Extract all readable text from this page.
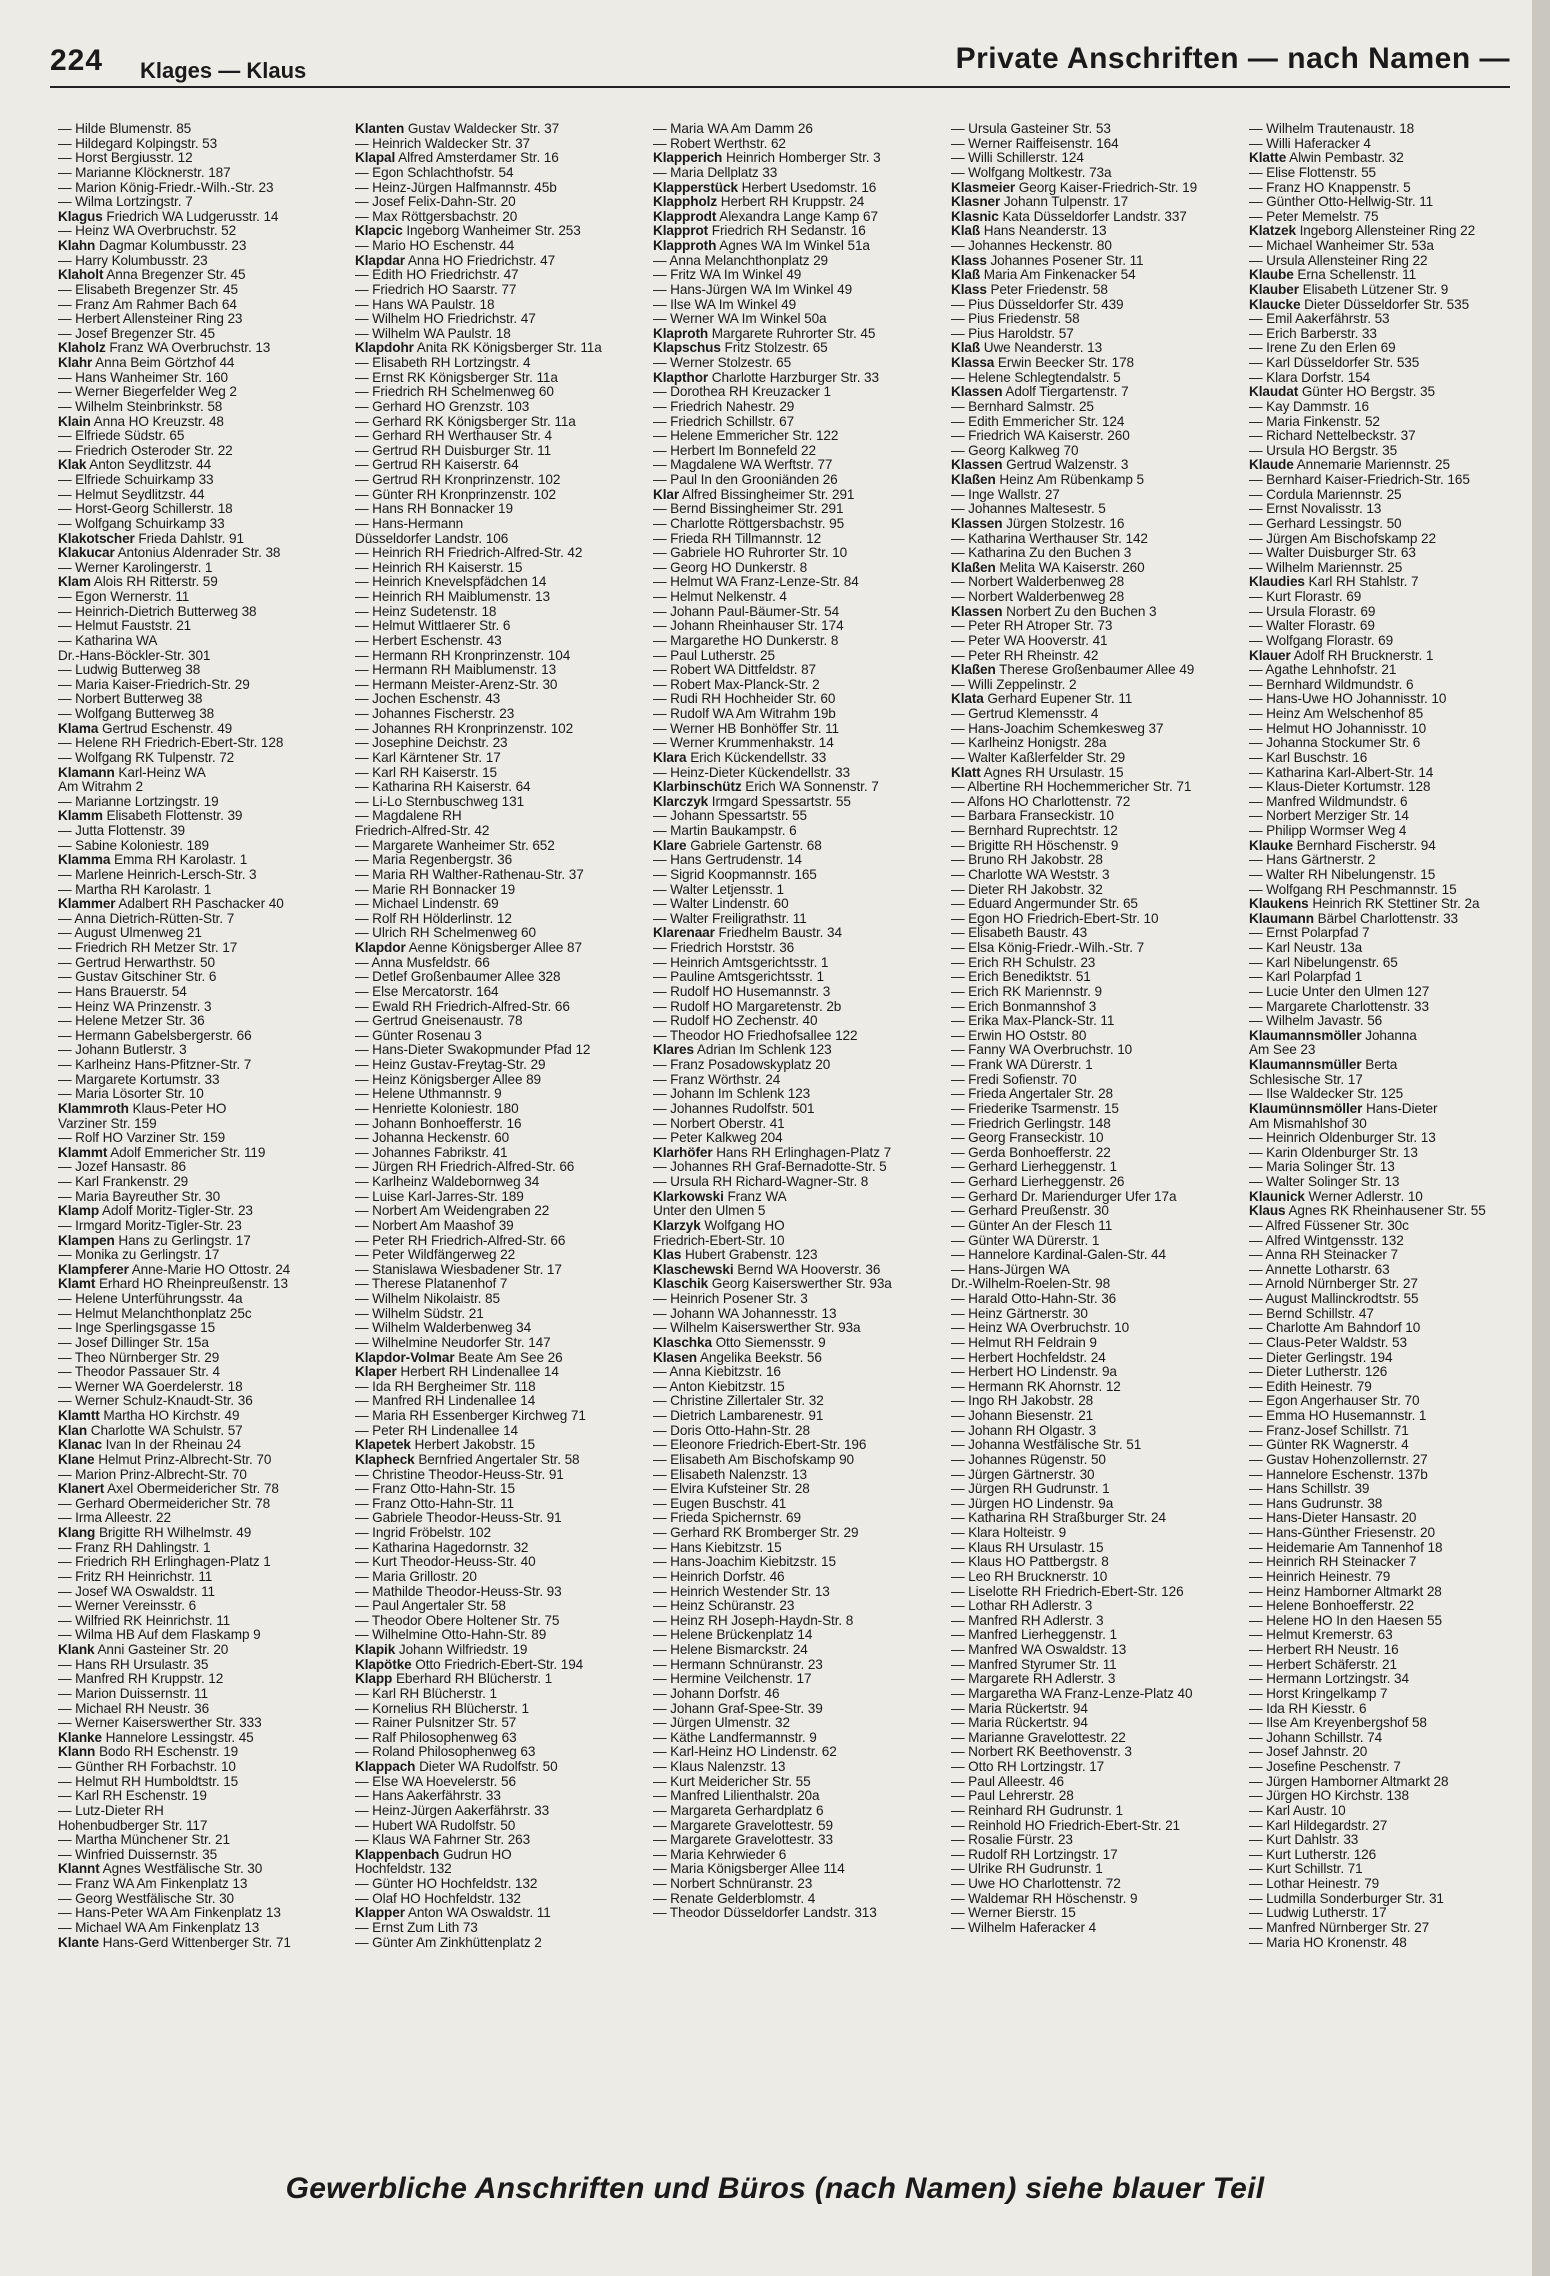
224 Klages — Klaus	Private Anschriften — nach Namen —
— Hilde Blumenstr. 85
— Hildegard Kolpingstr. 53
— Horst Bergiusstr. 12
— Marianne Klöcknerstr. 187
— Marion König-Friedr.-Wilh.-Str. 23
— Wilma Lortzingstr. 7
Klagus Friedrich WA Ludgerusstr. 14
— Heinz WA Overbruchstr. 52
Klahn Dagmar Kolumbusstr. 23
— Harry Kolumbusstr. 23
Klaholt Anna Bregenzer Str. 45
— Elisabeth Bregenzer Str. 45
— Franz Am Rahmer Bach 64
— Herbert Allensteiner Ring 23
— Josef Bregenzer Str. 45
Klaholz Franz WA Overbruchstr. 13
Klahr Anna Beim Görtzhof 44
— Hans Wanheimer Str. 160
— Werner Biegerfelder Weg 2
— Wilhelm Steinbrinkstr. 58
Klain Anna HO Kreuzstr. 48
— Elfriede Südstr. 65
— Friedrich Osteroder Str. 22
Klak Anton Seydlitzstr. 44
— Elfriede Schuirkamp 33
— Helmut Seydlitzstr. 44
— Horst-Georg Schillerstr. 18
— Wolfgang Schuirkamp 33
Klakotscher Frieda Dahlstr. 91
Klakucar Antonius Aldenrader Str. 38
— Werner Karolingerstr. 1
Klam Alois RH Ritterstr. 59
— Egon Wernerstr. 11
— Heinrich-Dietrich Butterweg 38
— Helmut Fauststr. 21
— Katharina WA
Dr.-Hans-Böckler-Str. 301
— Ludwig Butterweg 38
— Maria Kaiser-Friedrich-Str. 29
— Norbert Butterweg 38
— Wolfgang Butterweg 38
Klama Gertrud Eschenstr. 49
— Helene RH Friedrich-Ebert-Str. 128
— Wolfgang RK Tulpenstr. 72
Klamann Karl-Heinz WA
Am Witrahm 2
— Marianne Lortzingstr. 19
Klamm Elisabeth Flottenstr. 39
— Jutta Flottenstr. 39
— Sabine Koloniestr. 189
Klamma Emma RH Karolastr. 1
— Marlene Heinrich-Lersch-Str. 3
— Martha RH Karolastr. 1
Klammer Adalbert RH Paschacker 40
— Anna Dietrich-Rütten-Str. 7
— August Ulmenweg 21
— Friedrich RH Metzer Str. 17
— Gertrud Herwarthstr. 50
— Gustav Gitschiner Str. 6
— Hans Brauerstr. 54
— Heinz WA Prinzenstr. 3
— Helene Metzer Str. 36
— Hermann Gabelsbergerstr. 66
— Johann Butlerstr. 3
— Karlheinz Hans-Pfitzner-Str. 7
— Margarete Kortumstr. 33
— Maria Lösorter Str. 10
Klammroth Klaus-Peter HO
Varziner Str. 159
— Rolf HO Varziner Str. 159
Klammt Adolf Emmericher Str. 119
— Jozef Hansastr. 86
— Karl Frankenstr. 29
— Maria Bayreuther Str. 30
Klamp Adolf Moritz-Tigler-Str. 23
— Irmgard Moritz-Tigler-Str. 23
Klampen Hans zu Gerlingstr. 17
— Monika zu Gerlingstr. 17
Klampferer Anne-Marie HO Ottostr. 24
Klamt Erhard HO Rheinpreußenstr. 13
— Helene Unterführungsstr. 4a
— Helmut Melanchthonplatz 25c
— Inge Sperlingsgasse 15
— Josef Dillinger Str. 15a
— Theo Nürnberger Str. 29
— Theodor Passauer Str. 4
— Werner WA Goerdelerstr. 18
— Werner Schulz-Knaudt-Str. 36
Klamtt Martha HO Kirchstr. 49
Klan Charlotte WA Schulstr. 57
Klanac Ivan In der Rheinau 24
Klane Helmut Prinz-Albrecht-Str. 70
— Marion Prinz-Albrecht-Str. 70
Klanert Axel Obermeidericher Str. 78
— Gerhard Obermeidericher Str. 78
— Irma Alleestr. 22
Klang Brigitte RH Wilhelmstr. 49
— Franz RH Dahlingstr. 1
— Friedrich RH Erlinghagen-Platz 1
— Fritz RH Heinrichstr. 11
— Josef WA Oswaldstr. 11
— Werner Vereinsstr. 6
— Wilfried RK Heinrichstr. 11
— Wilma HB Auf dem Flaskamp 9
Klank Anni Gasteiner Str. 20
— Hans RH Ursulastr. 35
— Manfred RH Kruppstr. 12
— Marion Duissernstr. 11
— Michael RH Neustr. 36
— Werner Kaiserswerther Str. 333
Klanke Hannelore Lessingstr. 45
Klann Bodo RH Eschenstr. 19
— Günther RH Forbachstr. 10
— Helmut RH Humboldtstr. 15
— Karl RH Eschenstr. 19
— Lutz-Dieter RH
Hohenbudberger Str. 117
— Martha Münchener Str. 21
— Winfried Duissernstr. 35
Klannt Agnes Westfälische Str. 30
— Franz WA Am Finkenplatz 13
— Georg Westfälische Str. 30
— Hans-Peter WA Am Finkenplatz 13
— Michael WA Am Finkenplatz 13
Klante Hans-Gerd Wittenberger Str. 71
Klanten Gustav Waldecker Str. 37
— Heinrich Waldecker Str. 37
Klapal Alfred Amsterdamer Str. 16
— Egon Schlachthofstr. 54
— Heinz-Jürgen Halfmannstr. 45b
— Josef Felix-Dahn-Str. 20
— Max Röttgersbachstr. 20
Klapcic Ingeborg Wanheimer Str. 253
— Mario HO Eschenstr. 44
Klapdar Anna HO Friedrichstr. 47
— Edith HO Friedrichstr. 47
— Friedrich HO Saarstr. 77
— Hans WA Paulstr. 18
— Wilhelm HO Friedrichstr. 47
— Wilhelm WA Paulstr. 18
Klapdohr Anita RK Königsberger Str. 11a
— Elisabeth RH Lortzingstr. 4
— Ernst RK Königsberger Str. 11a
— Friedrich RH Schelmenweg 60
— Gerhard HO Grenzstr. 103
— Gerhard RK Königsberger Str. 11a
— Gerhard RH Werthauser Str. 4
— Gertrud RH Duisburger Str. 11
— Gertrud RH Kaiserstr. 64
— Gertrud RH Kronprinzenstr. 102
— Günter RH Kronprinzenstr. 102
— Hans RH Bonnacker 19
— Hans-Hermann
Düsseldorfer Landstr. 106
— Heinrich RH Friedrich-Alfred-Str. 42
— Heinrich RH Kaiserstr. 15
— Heinrich Knevelspfädchen 14
— Heinrich RH Maiblumenstr. 13
— Heinz Sudetenstr. 18
— Helmut Wittlaerer Str. 6
— Herbert Eschenstr. 43
— Hermann RH Kronprinzenstr. 104
— Hermann RH Maiblumenstr. 13
— Hermann Meister-Arenz-Str. 30
— Jochen Eschenstr. 43
— Johannes Fischerstr. 23
— Johannes RH Kronprinzenstr. 102
— Josephine Deichstr. 23
— Karl Kärntener Str. 17
— Karl RH Kaiserstr. 15
— Katharina RH Kaiserstr. 64
— Li-Lo Sternbuschweg 131
— Magdalene RH
Friedrich-Alfred-Str. 42
— Margarete Wanheimer Str. 652
— Maria Regenbergstr. 36
— Maria RH Walther-Rathenau-Str. 37
— Marie RH Bonnacker 19
— Michael Lindenstr. 69
— Rolf RH Hölderlinstr. 12
— Ulrich RH Schelmenweg 60
Klapdor Aenne Königsberger Allee 87
— Anna Musfeldstr. 66
— Detlef Großenbaumer Allee 328
— Else Mercatorstr. 164
— Ewald RH Friedrich-Alfred-Str. 66
— Gertrud Gneisenaustr. 78
— Günter Rosenau 3
— Hans-Dieter Swakopmunder Pfad 12
— Heinz Gustav-Freytag-Str. 29
— Heinz Königsberger Allee 89
— Helene Uthmannstr. 9
— Henriette Koloniestr. 180
— Johann Bonhoefferstr. 16
— Johanna Heckenstr. 60
— Johannes Fabrikstr. 41
— Jürgen RH Friedrich-Alfred-Str. 66
— Karlheinz Waldebornweg 34
— Luise Karl-Jarres-Str. 189
— Norbert Am Weidengraben 22
— Norbert Am Maashof 39
— Peter RH Friedrich-Alfred-Str. 66
— Peter Wildfängerweg 22
— Stanislawa Wiesbadener Str. 17
— Therese Platanenhof 7
— Wilhelm Nikolaistr. 85
— Wilhelm Südstr. 21
— Wilhelm Walderbenweg 34
— Wilhelmine Neudorfer Str. 147
Klapdor-Volmar Beate Am See 26
Klaper Herbert RH Lindenallee 14
— Ida RH Bergheimer Str. 118
— Manfred RH Lindenallee 14
— Maria RH Essenberger Kirchweg 71
— Peter RH Lindenallee 14
Klapetek Herbert Jakobstr. 15
Klapheck Bernfried Angertaler Str. 58
— Christine Theodor-Heuss-Str. 91
— Franz Otto-Hahn-Str. 15
— Franz Otto-Hahn-Str. 11
— Gabriele Theodor-Heuss-Str. 91
— Ingrid Fröbelstr. 102
— Katharina Hagedornstr. 32
— Kurt Theodor-Heuss-Str. 40
— Maria Grillostr. 20
— Mathilde Theodor-Heuss-Str. 93
— Paul Angertaler Str. 58
— Theodor Obere Holtener Str. 75
— Wilhelmine Otto-Hahn-Str. 89
Klapik Johann Wilfriedstr. 19
Klapötke Otto Friedrich-Ebert-Str. 194
Klapp Eberhard RH Blücherstr. 1
— Karl RH Blücherstr. 1
— Kornelius RH Blücherstr. 1
— Rainer Pulsnitzer Str. 57
— Ralf Philosophenweg 63
— Roland Philosophenweg 63
Klappach Dieter WA Rudolfstr. 50
— Else WA Hoevelerstr. 56
— Hans Aakerfährstr. 33
— Heinz-Jürgen Aakerfährstr. 33
— Hubert WA Rudolfstr. 50
— Klaus WA Fahrner Str. 263
Klappenbach Gudrun HO
Hochfeldstr. 132
— Günter HO Hochfeldstr. 132
— Olaf HO Hochfeldstr. 132
Klapper Anton WA Oswaldstr. 11
— Ernst Zum Lith 73
— Günter Am Zinkhüttenplatz 2
— Maria WA Am Damm 26
— Robert Werthstr. 62
Klapperich Heinrich Homberger Str. 3
— Maria Dellplatz 33
Klapperstück Herbert Usedomstr. 16
Klappholz Herbert RH Kruppstr. 24
Klapprodt Alexandra Lange Kamp 67
Klapprot Friedrich RH Sedanstr. 16
Klapproth Agnes WA Im Winkel 51a
— Anna Melanchthonplatz 29
— Fritz WA Im Winkel 49
— Hans-Jürgen WA Im Winkel 49
— Ilse WA Im Winkel 49
— Werner WA Im Winkel 50a
Klaproth Margarete Ruhrorter Str. 45
Klapschus Fritz Stolzestr. 65
— Werner Stolzestr. 65
Klapthor Charlotte Harzburger Str. 33
— Dorothea RH Kreuzacker 1
— Friedrich Nahestr. 29
— Friedrich Schillstr. 67
— Helene Emmericher Str. 122
— Herbert Im Bonnefeld 22
— Magdalene WA Werftstr. 77
— Paul In den Grooniänden 26
Klar Alfred Bissingheimer Str. 291
— Bernd Bissingheimer Str. 291
— Charlotte Röttgersbachstr. 95
— Frieda RH Tillmannstr. 12
— Gabriele HO Ruhrorter Str. 10
— Georg HO Dunkerstr. 8
— Helmut WA Franz-Lenze-Str. 84
— Helmut Nelkenstr. 4
— Johann Paul-Bäumer-Str. 54
— Johann Rheinhauser Str. 174
— Margarethe HO Dunkerstr. 8
— Paul Lutherstr. 25
— Robert WA Dittfeldstr. 87
— Robert Max-Planck-Str. 2
— Rudi RH Hochheider Str. 60
— Rudolf WA Am Witrahm 19b
— Werner HB Bonhöffer Str. 11
— Werner Krummenhakstr. 14
Klara Erich Kückendellstr. 33
— Heinz-Dieter Kückendellstr. 33
Klarbinschütz Erich WA Sonnenstr. 7
Klarczyk Irmgard Spessartstr. 55
— Johann Spessartstr. 55
— Martin Baukampstr. 6
Klare Gabriele Gartenstr. 68
— Hans Gertrudenstr. 14
— Sigrid Koopmannstr. 165
— Walter Letjensstr. 1
— Walter Lindenstr. 60
— Walter Freiligrathstr. 11
Klarenaar Friedhelm Baustr. 34
— Friedrich Horststr. 36
— Heinrich Amtsgerichtsstr. 1
— Pauline Amtsgerichtsstr. 1
— Rudolf HO Husemannstr. 3
— Rudolf HO Margaretenstr. 2b
— Rudolf HO Zechenstr. 40
— Theodor HO Friedhofsallee 122
Klares Adrian Im Schlenk 123
— Franz Posadowskyplatz 20
— Franz Wörthstr. 24
— Johann Im Schlenk 123
— Johannes Rudolfstr. 501
— Norbert Oberstr. 41
— Peter Kalkweg 204
Klarhöfer Hans RH Erlinghagen-Platz 7
— Johannes RH Graf-Bernadotte-Str. 5
— Ursula RH Richard-Wagner-Str. 8
Klarkowski Franz WA
Unter den Ulmen 5
Klarzyk Wolfgang HO
Friedrich-Ebert-Str. 10
Klas Hubert Grabenstr. 123
Klaschewski Bernd WA Hooverstr. 36
Klaschik Georg Kaiserswerther Str. 93a
— Heinrich Posener Str. 3
— Johann WA Johannesstr. 13
— Wilhelm Kaiserswerther Str. 93a
Klaschka Otto Siemensstr. 9
Klasen Angelika Beekstr. 56
— Anna Kiebitzstr. 16
— Anton Kiebitzstr. 15
— Christine Zillertaler Str. 32
— Dietrich Lambarenestr. 91
— Doris Otto-Hahn-Str. 28
— Eleonore Friedrich-Ebert-Str. 196
— Elisabeth Am Bischofskamp 90
— Elisabeth Nalenzstr. 13
— Elvira Kufsteiner Str. 28
— Eugen Buschstr. 41
— Frieda Spichernstr. 69
— Gerhard RK Bromberger Str. 29
— Hans Kiebitzstr. 15
— Hans-Joachim Kiebitzstr. 15
— Heinrich Dorfstr. 46
— Heinrich Westender Str. 13
— Heinz Schüranstr. 23
— Heinz RH Joseph-Haydn-Str. 8
— Helene Brückenplatz 14
— Helene Bismarckstr. 24
— Hermann Schnüranstr. 23
— Hermine Veilchenstr. 17
— Johann Dorfstr. 46
— Johann Graf-Spee-Str. 39
— Jürgen Ulmenstr. 32
— Käthe Landfermannstr. 9
— Karl-Heinz HO Lindenstr. 62
— Klaus Nalenzstr. 13
— Kurt Meidericher Str. 55
— Manfred Lilienthalstr. 20a
— Margareta Gerhardplatz 6
— Margarete Gravelottestr. 59
— Margarete Gravelottestr. 33
— Maria Kehrwieder 6
— Maria Königsberger Allee 114
— Norbert Schnüranstr. 23
— Renate Gelderblomstr. 4
— Theodor Düsseldorfer Landstr. 313
— Ursula Gasteiner Str. 53
— Werner Raiffeisenstr. 164
— Willi Schillerstr. 124
— Wolfgang Moltkestr. 73a
Klasmeier Georg Kaiser-Friedrich-Str. 19
Klasner Johann Tulpenstr. 17
Klasnic Kata Düsseldorfer Landstr. 337
Klaß Hans Neanderstr. 13
— Johannes Heckenstr. 80
Klass Johannes Posener Str. 11
Klaß Maria Am Finkenacker 54
Klass Peter Friedenstr. 58
— Pius Düsseldorfer Str. 439
— Pius Friedenstr. 58
— Pius Haroldstr. 57
Klaß Uwe Neanderstr. 13
Klassa Erwin Beecker Str. 178
— Helene Schlegtendalstr. 5
Klassen Adolf Tiergartenstr. 7
— Bernhard Salmstr. 25
— Edith Emmericher Str. 124
— Friedrich WA Kaiserstr. 260
— Georg Kalkweg 70
Klassen Gertrud Walzenstr. 3
Klaßen Heinz Am Rübenkamp 5
— Inge Wallstr. 27
— Johannes Maltesestr. 5
Klassen Jürgen Stolzestr. 16
— Katharina Werthauser Str. 142
— Katharina Zu den Buchen 3
Klaßen Melita WA Kaiserstr. 260
— Norbert Walderbenweg 28
— Norbert Walderbenweg 28
Klassen Norbert Zu den Buchen 3
— Peter RH Atroper Str. 73
— Peter WA Hooverstr. 41
— Peter RH Rheinstr. 42
Klaßen Therese Großenbaumer Allee 49
— Willi Zeppelinstr. 2
Klata Gerhard Eupener Str. 11
— Gertrud Klemensstr. 4
— Hans-Joachim Schemkesweg 37
— Karlheinz Honigstr. 28a
— Walter Kaßlerfelder Str. 29
Klatt Agnes RH Ursulastr. 15
— Albertine RH Hochemmericher Str. 71
— Alfons HO Charlottenstr. 72
— Barbara Franseckistr. 10
— Bernhard Ruprechtstr. 12
— Brigitte RH Höschenstr. 9
— Bruno RH Jakobstr. 28
— Charlotte WA Weststr. 3
— Dieter RH Jakobstr. 32
— Eduard Angermunder Str. 65
— Egon HO Friedrich-Ebert-Str. 10
— Elisabeth Baustr. 43
— Elsa König-Friedr.-Wilh.-Str. 7
— Erich RH Schulstr. 23
— Erich Benediktstr. 51
— Erich RK Mariennstr. 9
— Erich Bonmannshof 3
— Erika Max-Planck-Str. 11
— Erwin HO Oststr. 80
— Fanny WA Overbruchstr. 10
— Frank WA Dürerstr. 1
— Fredi Sofienstr. 70
— Frieda Angertaler Str. 28
— Friederike Tsarmenstr. 15
— Friedrich Gerlingstr. 148
— Georg Franseckistr. 10
— Gerda Bonhoefferstr. 22
— Gerhard Lierheggenstr. 1
— Gerhard Lierheggenstr. 26
— Gerhard Dr. Mariendurger Ufer 17a
— Gerhard Preußenstr. 30
— Günter An der Flesch 11
— Günter WA Dürerstr. 1
— Hannelore Kardinal-Galen-Str. 44
— Hans-Jürgen WA
Dr.-Wilhelm-Roelen-Str. 98
— Harald Otto-Hahn-Str. 36
— Heinz Gärtnerstr. 30
— Heinz WA Overbruchstr. 10
— Helmut RH Feldrain 9
— Herbert Hochfeldstr. 24
— Herbert HO Lindenstr. 9a
— Hermann RK Ahornstr. 12
— Ingo RH Jakobstr. 28
— Johann Biesenstr. 21
— Johann RH Olgastr. 3
— Johanna Westfälische Str. 51
— Johannes Rügenstr. 50
— Jürgen Gärtnerstr. 30
— Jürgen RH Gudrunstr. 1
— Jürgen HO Lindenstr. 9a
— Katharina RH Straßburger Str. 24
— Klara Holteistr. 9
— Klaus RH Ursulastr. 15
— Klaus HO Pattbergstr. 8
— Leo RH Brucknerstr. 10
— Liselotte RH Friedrich-Ebert-Str. 126
— Lothar RH Adlerstr. 3
— Manfred RH Adlerstr. 3
— Manfred Lierheggenstr. 1
— Manfred WA Oswaldstr. 13
— Manfred Styrumer Str. 11
— Margarete RH Adlerstr. 3
— Margaretha WA Franz-Lenze-Platz 40
— Maria Rückertstr. 94
— Maria Rückertstr. 94
— Marianne Gravelottestr. 22
— Norbert RK Beethovenstr. 3
— Otto RH Lortzingstr. 17
— Paul Alleestr. 46
— Paul Lehrerstr. 28
— Reinhard RH Gudrunstr. 1
— Reinhold HO Friedrich-Ebert-Str. 21
— Rosalie Fürstr. 23
— Rudolf RH Lortzingstr. 17
— Ulrike RH Gudrunstr. 1
— Uwe HO Charlottenstr. 72
— Waldemar RH Höschenstr. 9
— Werner Bierstr. 15
— Wilhelm Haferacker 4
— Wilhelm Trautenaustr. 18
— Willi Haferacker 4
Klatte Alwin Pembastr. 32
— Elise Flottenstr. 55
— Franz HO Knappenstr. 5
— Günther Otto-Hellwig-Str. 11
— Peter Memelstr. 75
Klatzek Ingeborg Allensteiner Ring 22
— Michael Wanheimer Str. 53a
— Ursula Allensteiner Ring 22
Klaube Erna Schellenstr. 11
Klauber Elisabeth Lützener Str. 9
Klaucke Dieter Düsseldorfer Str. 535
— Emil Aakerfährstr. 53
— Erich Barberstr. 33
— Irene Zu den Erlen 69
— Karl Düsseldorfer Str. 535
— Klara Dorfstr. 154
Klaudat Günter HO Bergstr. 35
— Kay Dammstr. 16
— Maria Finkenstr. 52
— Richard Nettelbeckstr. 37
— Ursula HO Bergstr. 35
Klaude Annemarie Mariennstr. 25
— Bernhard Kaiser-Friedrich-Str. 165
— Cordula Mariennstr. 25
— Ernst Novalisstr. 13
— Gerhard Lessingstr. 50
— Jürgen Am Bischofskamp 22
— Walter Duisburger Str. 63
— Wilhelm Mariennstr. 25
Klaudies Karl RH Stahlstr. 7
— Kurt Florastr. 69
— Ursula Florastr. 69
— Walter Florastr. 69
— Wolfgang Florastr. 69
Klauer Adolf RH Brucknerstr. 1
— Agathe Lehnhofstr. 21
— Bernhard Wildmundstr. 6
— Hans-Uwe HO Johannisstr. 10
— Heinz Am Welschenhof 85
— Helmut HO Johannisstr. 10
— Johanna Stockumer Str. 6
— Karl Buschstr. 16
— Katharina Karl-Albert-Str. 14
— Klaus-Dieter Kortumstr. 128
— Manfred Wildmundstr. 6
— Norbert Merziger Str. 14
— Philipp Wormser Weg 4
Klauke Bernhard Fischerstr. 94
— Hans Gärtnerstr. 2
— Walter RH Nibelungenstr. 15
— Wolfgang RH Peschmannstr. 15
Klaukens Heinrich RK Stettiner Str. 2a
Klaumann Bärbel Charlottenstr. 33
— Ernst Polarpfad 7
— Karl Neustr. 13a
— Karl Nibelungenstr. 65
— Karl Polarpfad 1
— Lucie Unter den Ulmen 127
— Margarete Charlottenstr. 33
— Wilhelm Javastr. 56
Klaumannsmöller Johanna
Am See 23
Klaumannsmüller Berta
Schlesische Str. 17
— Ilse Waldecker Str. 125
Klaumünnsmöller Hans-Dieter
Am Mismahlshof 30
— Heinrich Oldenburger Str. 13
— Karin Oldenburger Str. 13
— Maria Solinger Str. 13
— Walter Solinger Str. 13
Klaunick Werner Adlerstr. 10
Klaus Agnes RK Rheinhausener Str. 55
— Alfred Füssener Str. 30c
— Alfred Wintgensstr. 132
— Anna RH Steinacker 7
— Annette Lotharstr. 63
— Arnold Nürnberger Str. 27
— August Mallinckrodtstr. 55
— Bernd Schillstr. 47
— Charlotte Am Bahndorf 10
— Claus-Peter Waldstr. 53
— Dieter Gerlingstr. 194
— Dieter Lutherstr. 126
— Edith Heinestr. 79
— Egon Angerhauser Str. 70
— Emma HO Husemannstr. 1
— Franz-Josef Schillstr. 71
— Günter RK Wagnerstr. 4
— Gustav Hohenzollernstr. 27
— Hannelore Eschenstr. 137b
— Hans Schillstr. 39
— Hans Gudrunstr. 38
— Hans-Dieter Hansastr. 20
— Hans-Günther Friesenstr. 20
— Heidemarie Am Tannenhof 18
— Heinrich RH Steinacker 7
— Heinrich Heinestr. 79
— Heinz Hamborner Altmarkt 28
— Helene Bonhoefferstr. 22
— Helene HO In den Haesen 55
— Helmut Kremerstr. 63
— Herbert RH Neustr. 16
— Herbert Schäferstr. 21
— Hermann Lortzingstr. 34
— Horst Kringelkamp 7
— Ida RH Kiesstr. 6
— Ilse Am Kreyenbergshof 58
— Johann Schillstr. 74
— Josef Jahnstr. 20
— Josefine Peschenstr. 7
— Jürgen Hamborner Altmarkt 28
— Jürgen HO Kirchstr. 138
— Karl Austr. 10
— Karl Hildegardstr. 27
— Kurt Dahlstr. 33
— Kurt Lutherstr. 126
— Kurt Schillstr. 71
— Lothar Heinestr. 79
— Ludmilla Sonderburger Str. 31
— Ludwig Lutherstr. 17
— Manfred Nürnberger Str. 27
— Maria HO Kronenstr. 48
Gewerbliche Anschriften und Büros (nach Namen) siehe blauer Teil
